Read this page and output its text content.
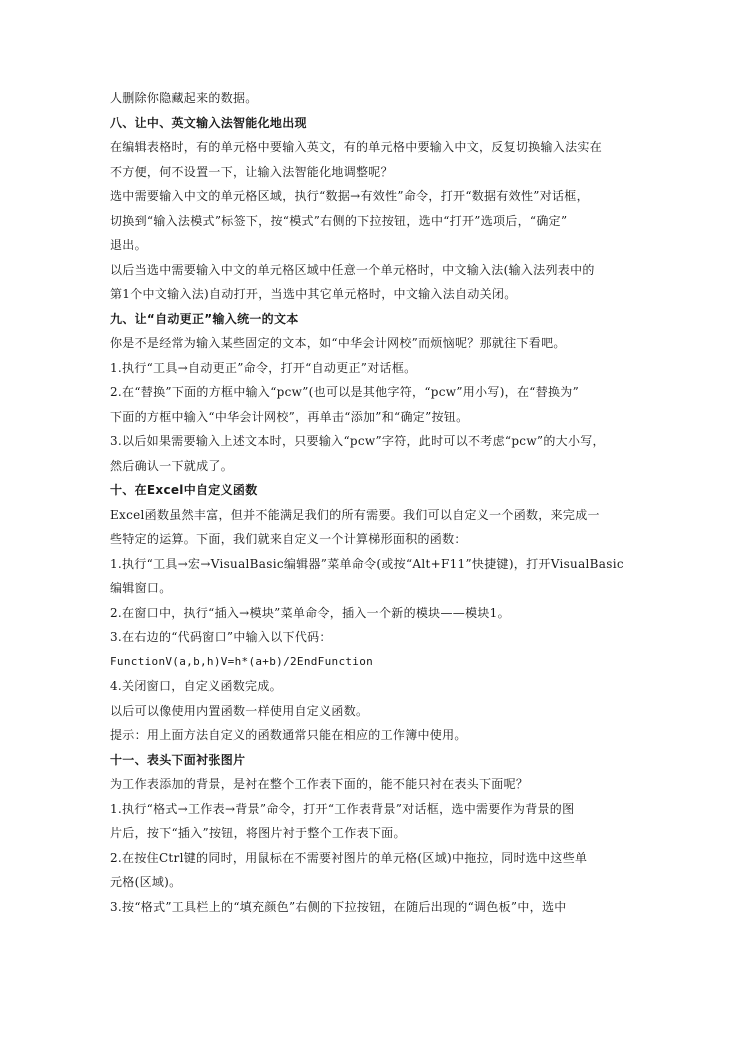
人删除你隐藏起来的数据。
八、让中、英文输入法智能化地出现
在编辑表格时，有的单元格中要输入英文，有的单元格中要输入中文，反复切换输入法实在
不方便，何不设置一下，让输入法智能化地调整呢？
选中需要输入中文的单元格区域，执行“数据→有效性”命令，打开“数据有效性”对话框，
切换到“输入法模式”标签下，按“模式”右侧的下拉按钮，选中“打开”选项后，“确定”
退出。
以后当选中需要输入中文的单元格区域中任意一个单元格时，中文输入法(输入法列表中的
第1个中文输入法)自动打开，当选中其它单元格时，中文输入法自动关闭。
九、让“自动更正”输入统一的文本
你是不是经常为输入某些固定的文本，如“中华会计网校”而烦恼呢？那就往下看吧。
1.执行“工具→自动更正”命令，打开“自动更正”对话框。
2.在“替换”下面的方框中输入“pcw”(也可以是其他字符，“pcw”用小写)，在“替换为”
下面的方框中输入“中华会计网校”，再单击“添加”和“确定”按钮。
3.以后如果需要输入上述文本时，只要输入“pcw”字符，此时可以不考虑“pcw”的大小写，
然后确认一下就成了。
十、在Excel中自定义函数
Excel函数虽然丰富，但并不能满足我们的所有需要。我们可以自定义一个函数，来完成一
些特定的运算。下面，我们就来自定义一个计算梯形面积的函数：
1.执行“工具→宏→VisualBasic编辑器”菜单命令(或按“Alt+F11”快捷键)，打开VisualBasic
编辑窗口。
2.在窗口中，执行“插入→模块”菜单命令，插入一个新的模块——模块1。
3.在右边的“代码窗口”中输入以下代码：
FunctionV(a,b,h)V=h*(a+b)/2EndFunction
4.关闭窗口，自定义函数完成。
以后可以像使用内置函数一样使用自定义函数。
提示：用上面方法自定义的函数通常只能在相应的工作簿中使用。
十一、表头下面衬张图片
为工作表添加的背景，是衬在整个工作表下面的，能不能只衬在表头下面呢？
1.执行“格式→工作表→背景”命令，打开“工作表背景”对话框，选中需要作为背景的图
片后，按下“插入”按钮，将图片衬于整个工作表下面。
2.在按住Ctrl键的同时，用鼠标在不需要衬图片的单元格(区域)中拖拉，同时选中这些单
元格(区域)。
3.按“格式”工具栏上的“填充颜色”右侧的下拉按钮，在随后出现的“调色板”中，选中
